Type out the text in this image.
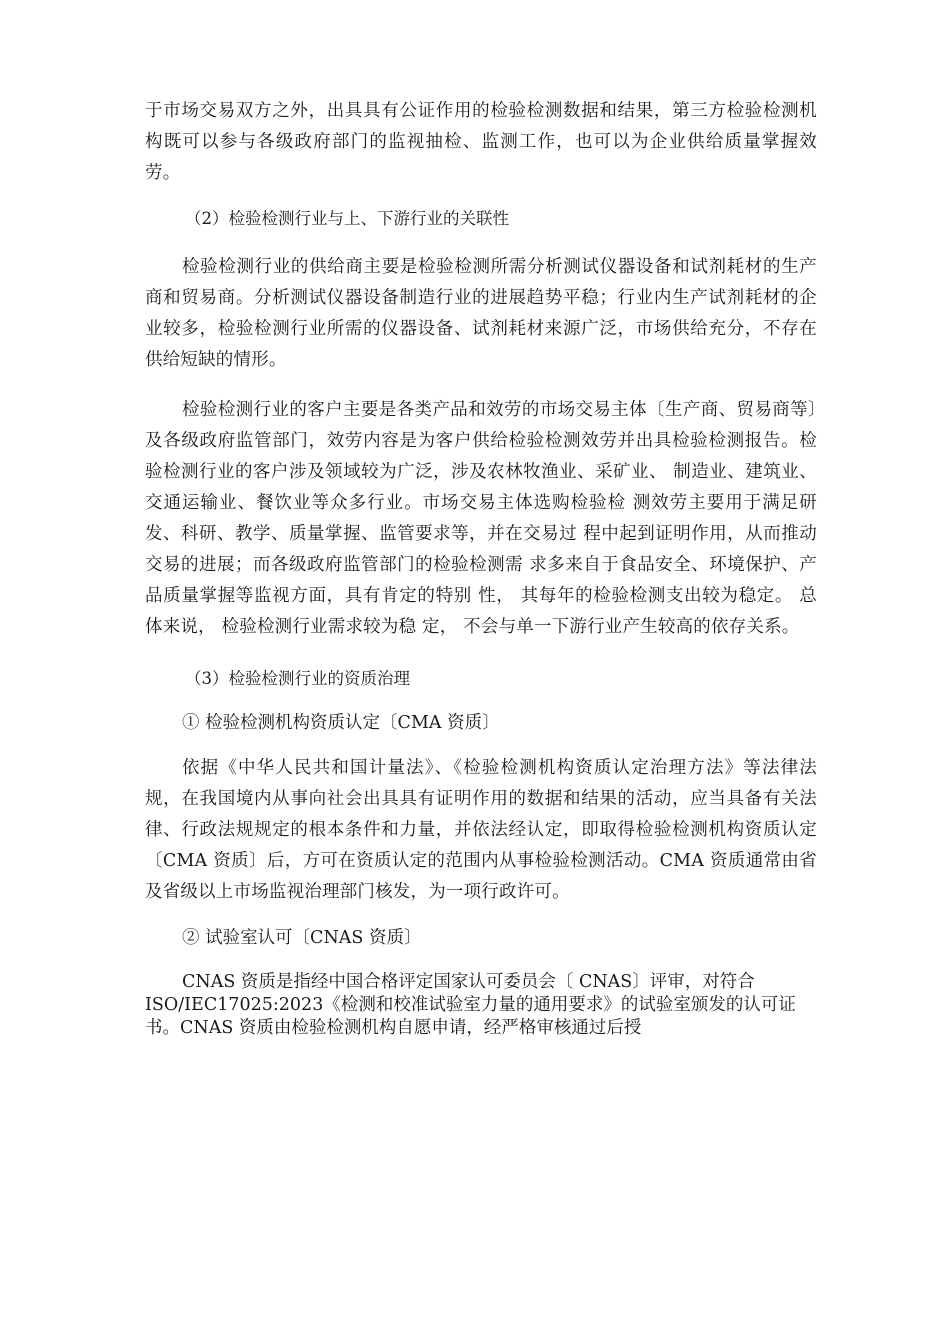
于市场交易双方之外，出具具有公证作用的检验检测数据和结果，第三方检验检测机构既可以参与各级政府部门的监视抽检、监测工作，也可以为企业供给质量掌握效劳。

（2）检验检测行业与上、下游行业的关联性

检验检测行业的供给商主要是检验检测所需分析测试仪器设备和试剂耗材的生产商和贸易商。分析测试仪器设备制造行业的进展趋势平稳；行业内生产试剂耗材的企业较多，检验检测行业所需的仪器设备、试剂耗材来源广泛，市场供给充分，不存在供给短缺的情形。

检验检测行业的客户主要是各类产品和效劳的市场交易主体〔生产商、贸易商等〕及各级政府监管部门，效劳内容是为客户供给检验检测效劳并出具检验检测报告。检验检测行业的客户涉及领域较为广泛，涉及农林牧渔业、采矿业、 制造业、建筑业、交通运输业、餐饮业等众多行业。市场交易主体选购检验检 测效劳主要用于满足研发、科研、教学、质量掌握、监管要求等，并在交易过 程中起到证明作用，从而推动交易的进展；而各级政府监管部门的检验检测需 求多来自于食品安全、环境保护、产品质量掌握等监视方面，具有肯定的特别 性， 其每年的检验检测支出较为稳定。 总体来说， 检验检测行业需求较为稳 定， 不会与单一下游行业产生较高的依存关系。

（3）检验检测行业的资质治理

① 检验检测机构资质认定〔CMA 资质〕

依据《中华人民共和国计量法》、《检验检测机构资质认定治理方法》等法律法规，在我国境内从事向社会出具具有证明作用的数据和结果的活动，应当具备有关法律、行政法规规定的根本条件和力量，并依法经认定，即取得检验检测机构资质认定〔CMA 资质〕后，方可在资质认定的范围内从事检验检测活动。CMA 资质通常由省及省级以上市场监视治理部门核发，为一项行政许可。

② 试验室认可〔CNAS 资质〕

CNAS 资质是指经中国合格评定国家认可委员会〔 CNAS〕评审，对符合 ISO/IEC17025:2023《检测和校准试验室力量的通用要求》的试验室颁发的认可证书。CNAS 资质由检验检测机构自愿申请，经严格审核通过后授
